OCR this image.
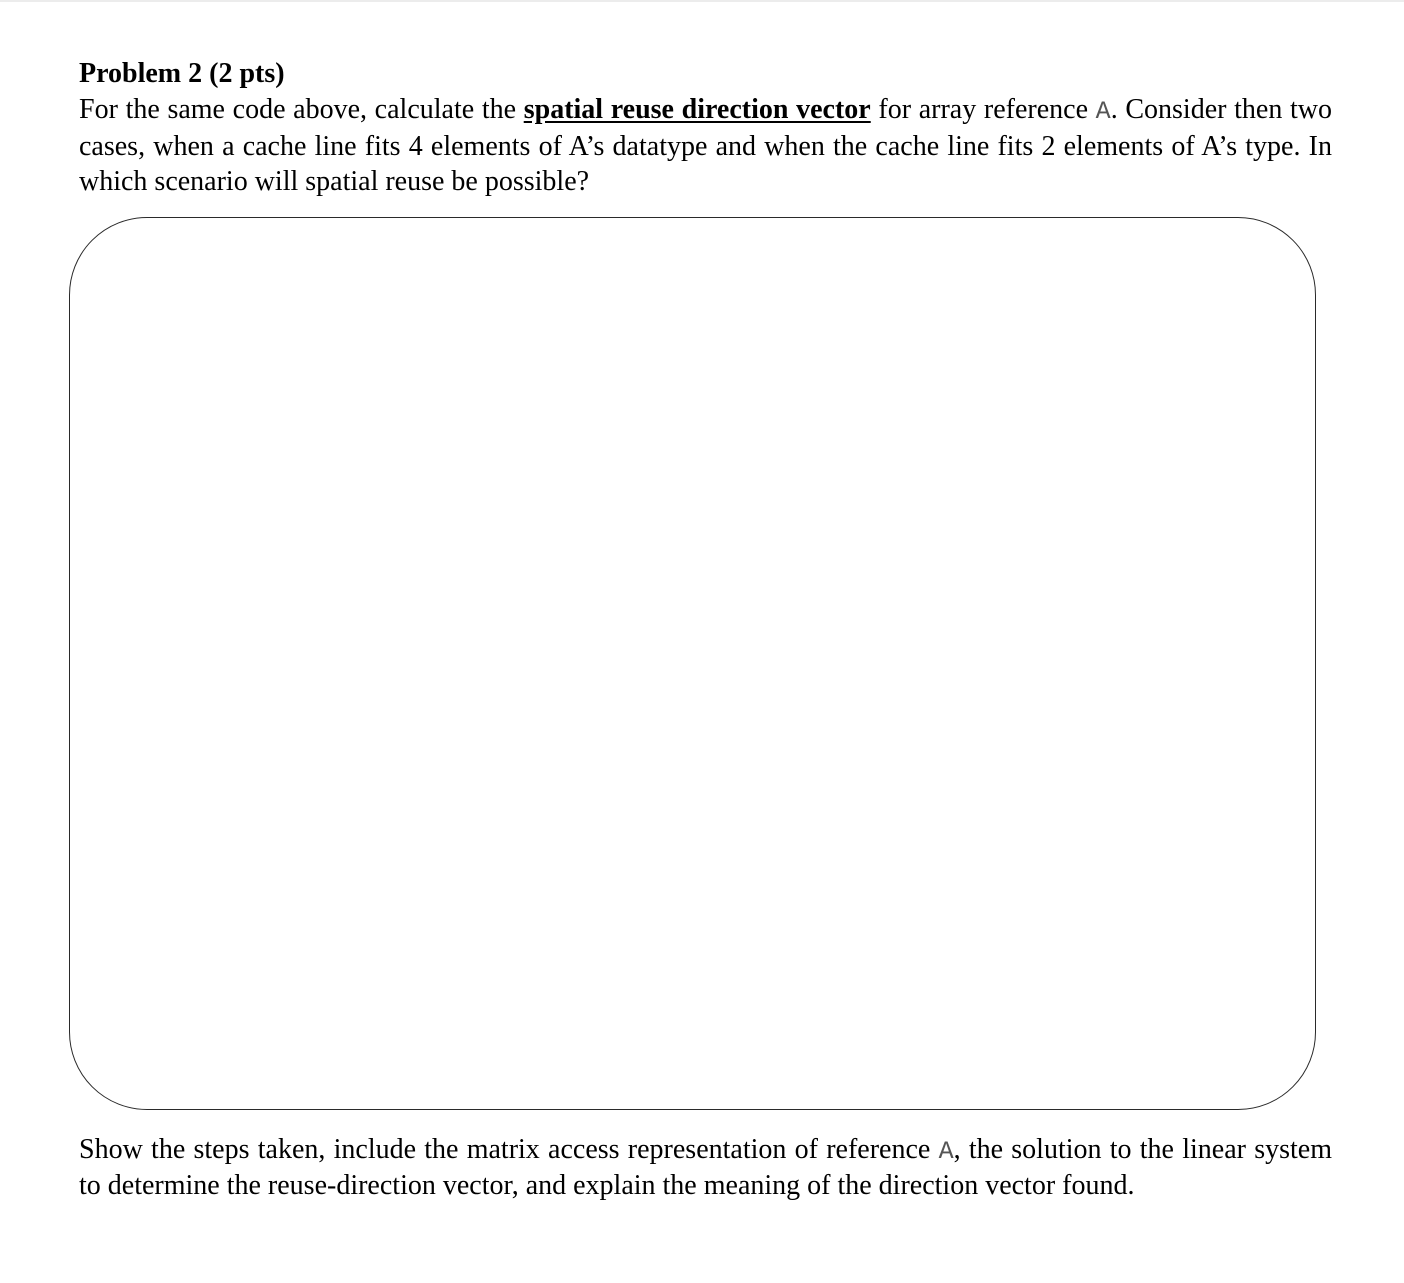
Problem 2 (2 pts)

For the same code above, calculate the spatial reuse direction vector for array reference A. Consider then two cases, when a cache line fits 4 elements of A’s datatype and when the cache line fits 2 elements of A’s type. In which scenario will spatial reuse be possible?

Show the steps taken, include the matrix access representation of reference A, the solution to the linear system to determine the reuse-direction vector, and explain the meaning of the direction vector found.
